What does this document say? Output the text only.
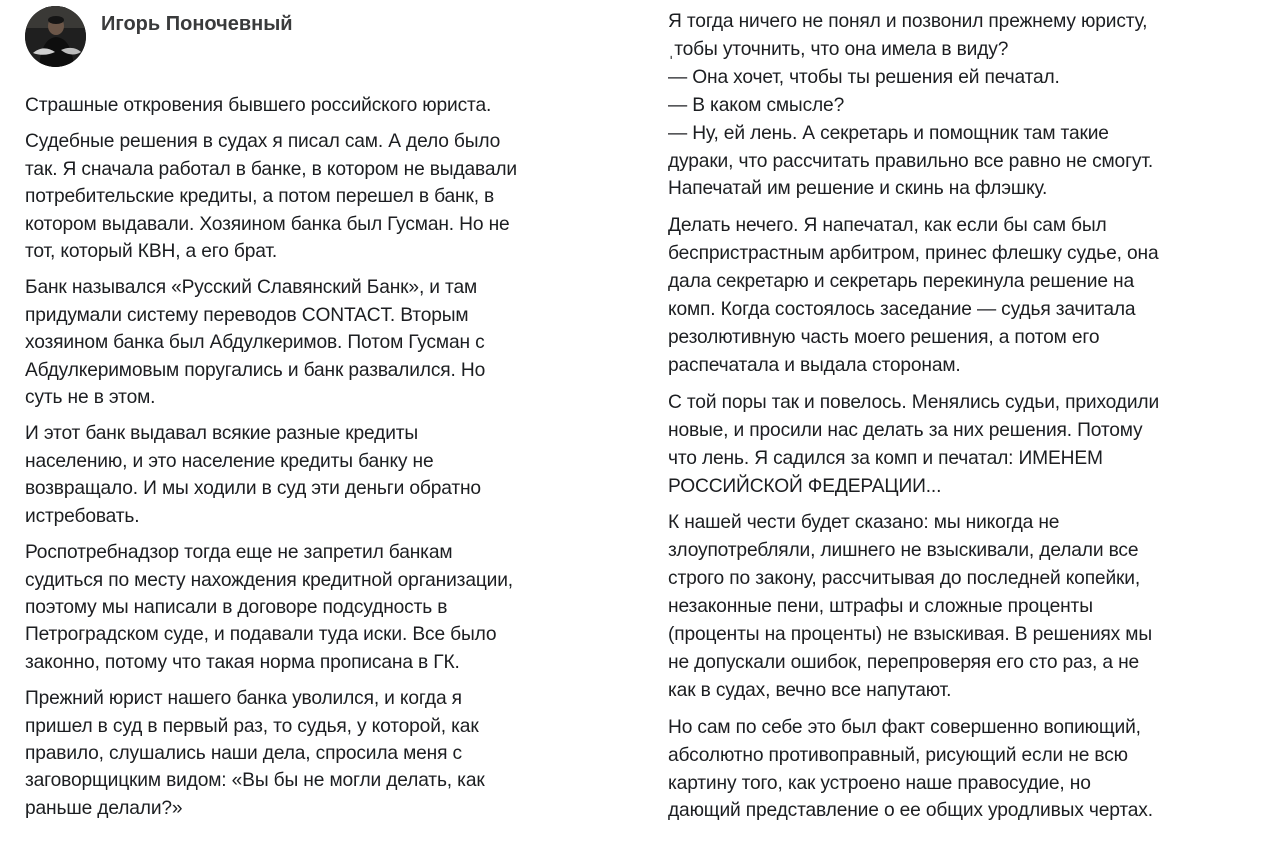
Игорь Поночевный

Страшные откровения бывшего российского юриста.

Судебные решения в судах я писал сам. А дело было
так. Я сначала работал в банке, в котором не выдавали
потребительские кредиты, а потом перешел в банк, в
котором выдавали. Хозяином банка был Гусман. Но не
тот, который КВН, а его брат.

Банк назывался «Русский Славянский Банк», и там
придумали систему переводов CONTACT. Вторым
хозяином банка был Абдулкеримов. Потом Гусман с
Абдулкеримовым поругались и банк развалился. Но
суть не в этом.

И этот банк выдавал всякие разные кредиты
населению, и это население кредиты банку не
возвращало. И мы ходили в суд эти деньги обратно
истребовать.

Роспотребнадзор тогда еще не запретил банкам
судиться по месту нахождения кредитной организации,
поэтому мы написали в договоре подсудность в
Петроградском суде, и подавали туда иски. Все было
законно, потому что такая норма прописана в ГК.

Прежний юрист нашего банка уволился, и когда я
пришел в суд в первый раз, то судья, у которой, как
правило, слушались наши дела, спросила меня с
заговорщицким видом: «Вы бы не могли делать, как
раньше делали?»

Я тогда ничего не понял и позвонил прежнему юристу,
ˌтобы уточнить, что она имела в виду?
— Она хочет, чтобы ты решения ей печатал.
— В каком смысле?
— Ну, ей лень. А секретарь и помощник там такие
дураки, что рассчитать правильно все равно не смогут.
Напечатай им решение и скинь на флэшку.

Делать нечего. Я напечатал, как если бы сам был
беспристрастным арбитром, принес флешку судье, она
дала секретарю и секретарь перекинула решение на
комп. Когда состоялось заседание — судья зачитала
резолютивную часть моего решения, а потом его
распечатала и выдала сторонам.

С той поры так и повелось. Менялись судьи, приходили
новые, и просили нас делать за них решения. Потому
что лень. Я садился за комп и печатал: ИМЕНЕМ
РОССИЙСКОЙ ФЕДЕРАЦИИ...

К нашей чести будет сказано: мы никогда не
злоупотребляли, лишнего не взыскивали, делали все
строго по закону, рассчитывая до последней копейки,
незаконные пени, штрафы и сложные проценты
(проценты на проценты) не взыскивая. В решениях мы
не допускали ошибок, перепроверяя его сто раз, а не
как в судах, вечно все напутают.

Но сам по себе это был факт совершенно вопиющий,
абсолютно противоправный, рисующий если не всю
картину того, как устроено наше правосудие, но
дающий представление о ее общих уродливых чертах.
